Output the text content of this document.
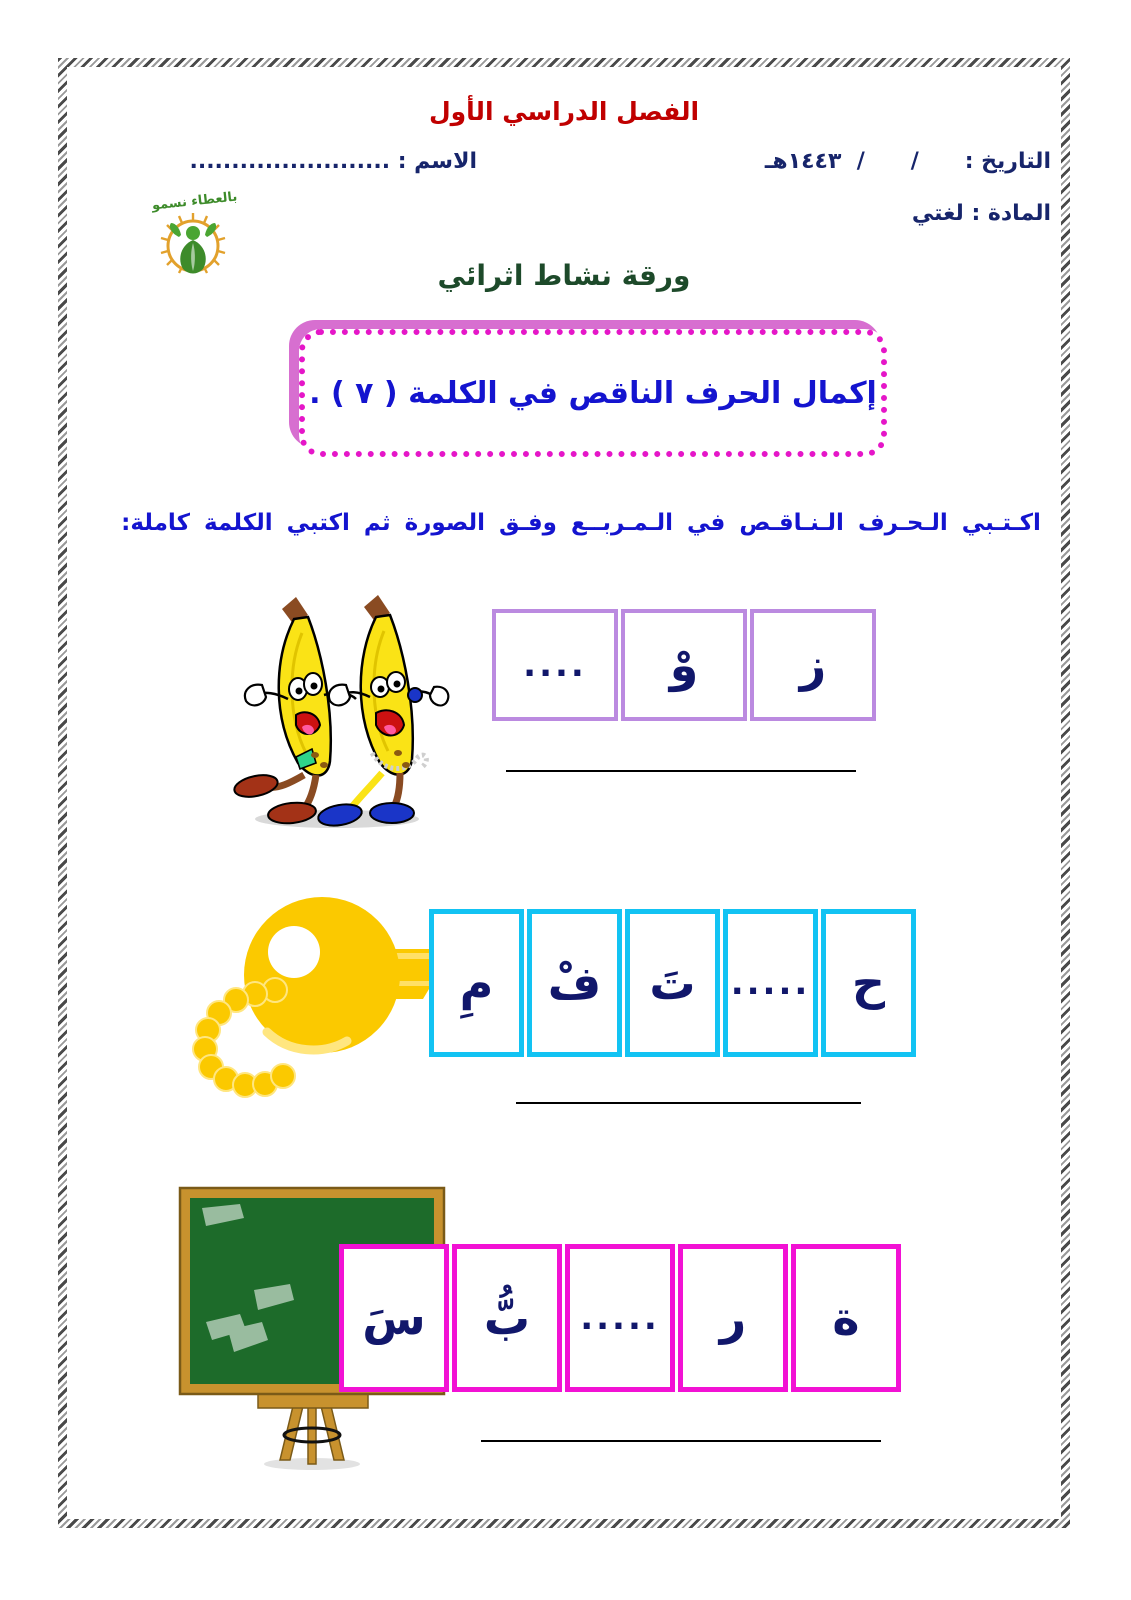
الفصل الدراسي الأول
التاريخ :      /      /  ١٤٤٣هـ
المادة : لغتي
الاسم : ........................
بالعطاء نسمو
ورقة نشاط اثرائي
إكمال الحرف الناقص في الكلمة ( ٧ ) .
اكـتـبي الـحـرف الـنـاقـص في الـمـربــع وفـق الصورة ثم اكتبي الكلمة كاملة:
.... وْ ز
مِ فْ تَ ..... ح
سَ بُّ ..... ر ة
